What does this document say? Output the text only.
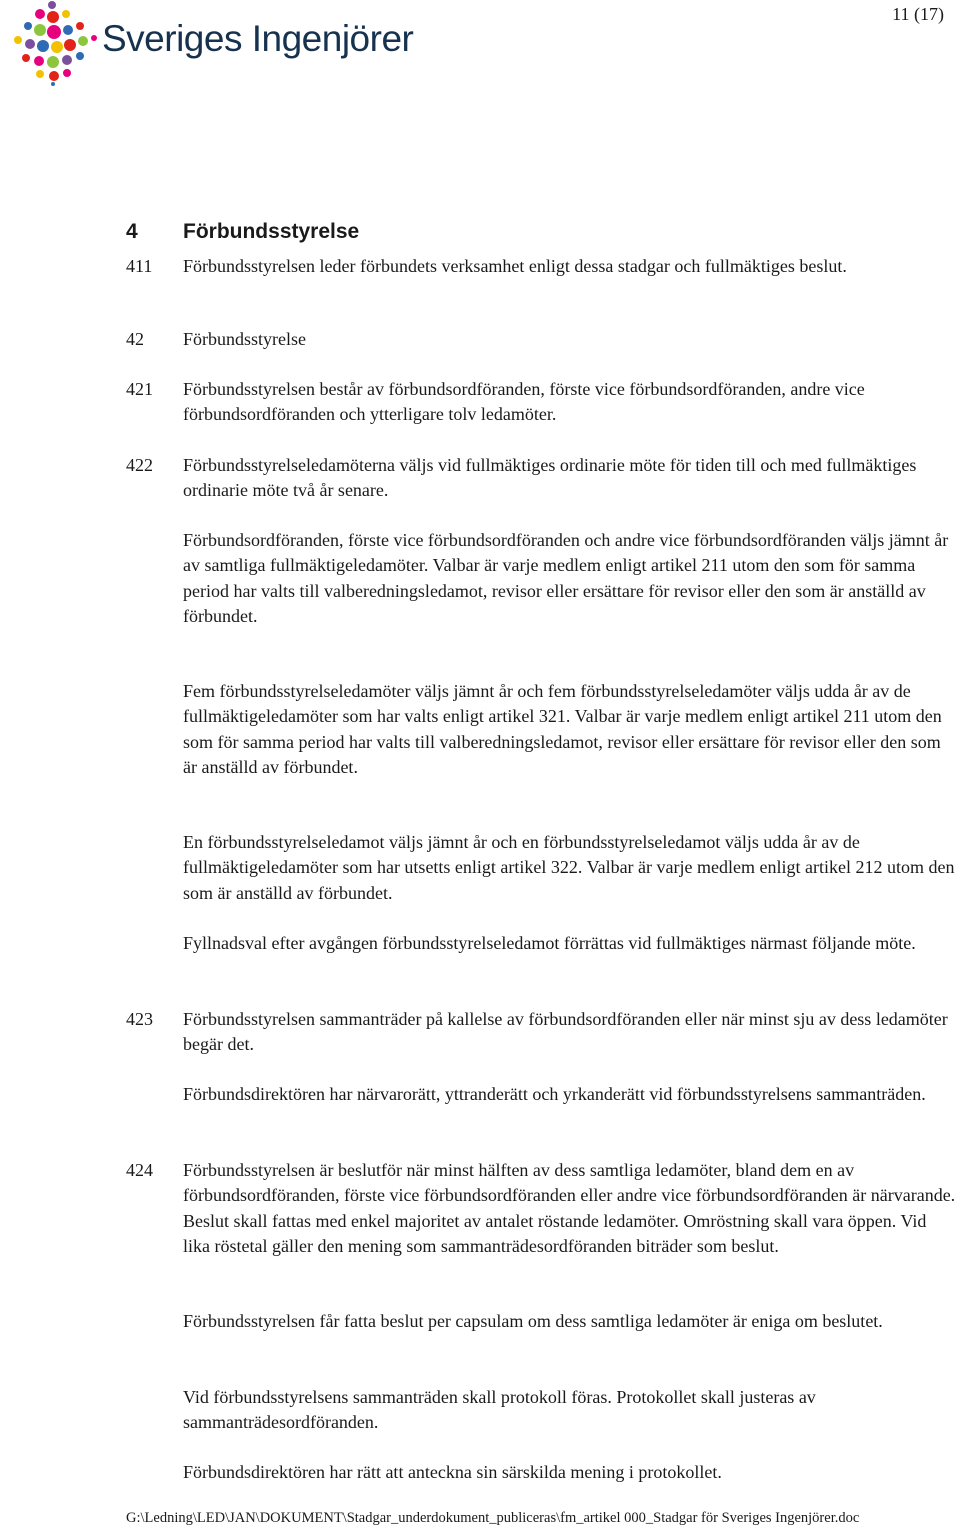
Sveriges Ingenjörer
11 (17)
4 Förbundsstyrelse
411 Förbundsstyrelsen leder förbundets verksamhet enligt dessa stadgar och fullmäktiges beslut.
42 Förbundsstyrelse
421 Förbundsstyrelsen består av förbundsordföranden, förste vice förbundsordföranden, andre vice förbundsordföranden och ytterligare tolv ledamöter.
422 Förbundsstyrelseledamöterna väljs vid fullmäktiges ordinarie möte för tiden till och med fullmäktiges ordinarie möte två år senare.
Förbundsordföranden, förste vice förbundsordföranden och andre vice förbundsordföranden väljs jämnt år av samtliga fullmäktigeledamöter. Valbar är varje medlem enligt artikel 211 utom den som för samma period har valts till valberedningsledamot, revisor eller ersättare för revisor eller den som är anställd av förbundet.
Fem förbundsstyrelseledamöter väljs jämnt år och fem förbundsstyrelseledamöter väljs udda år av de fullmäktigeledamöter som har valts enligt artikel 321. Valbar är varje medlem enligt artikel 211 utom den som för samma period har valts till valberedningsledamot, revisor eller ersättare för revisor eller den som är anställd av förbundet.
En förbundsstyrelseledamot väljs jämnt år och en förbundsstyrelseledamot väljs udda år av de fullmäktigeledamöter som har utsetts enligt artikel 322. Valbar är varje medlem enligt artikel 212 utom den som är anställd av förbundet.
Fyllnadsval efter avgången förbundsstyrelseledamot förrättas vid fullmäktiges närmast följande möte.
423 Förbundsstyrelsen sammanträder på kallelse av förbundsordföranden eller när minst sju av dess ledamöter begär det.
Förbundsdirektören har närvarorätt, yttranderätt och yrkanderätt vid förbundsstyrelsens sammanträden.
424 Förbundsstyrelsen är beslutför när minst hälften av dess samtliga ledamöter, bland dem en av förbundsordföranden, förste vice förbundsordföranden eller andre vice förbundsordföranden är närvarande. Beslut skall fattas med enkel majoritet av antalet röstande ledamöter. Omröstning skall vara öppen. Vid lika röstetal gäller den mening som sammanträdesordföranden biträder som beslut.
Förbundsstyrelsen får fatta beslut per capsulam om dess samtliga ledamöter är eniga om beslutet.
Vid förbundsstyrelsens sammanträden skall protokoll föras. Protokollet skall justeras av sammanträdesordföranden.
Förbundsdirektören har rätt att anteckna sin särskilda mening i protokollet.
G:\Ledning\LED\JAN\DOKUMENT\Stadgar_underdokument_publiceras\fm_artikel 000_Stadgar för Sveriges Ingenjörer.doc
